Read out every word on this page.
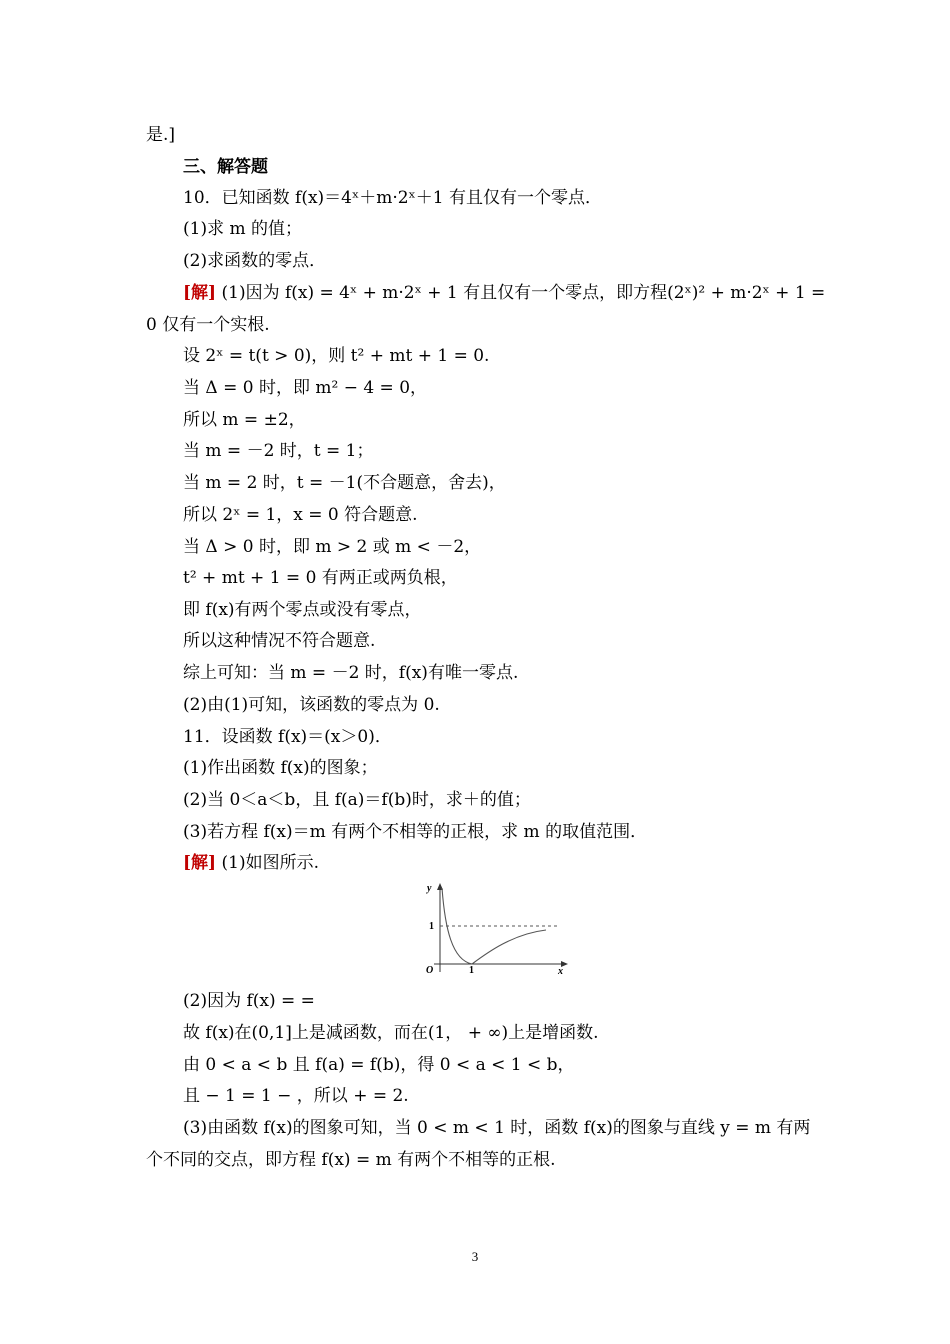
是.]
三、解答题
10．已知函数 f(x)＝4ˣ＋m·2ˣ＋1 有且仅有一个零点．
(1)求 m 的值；
(2)求函数的零点．
[解] (1)因为 f(x) = 4ˣ + m·2ˣ + 1 有且仅有一个零点，即方程(2ˣ)² + m·2ˣ + 1 =
0 仅有一个实根.
设 2ˣ = t(t > 0)，则 t² + mt + 1 = 0.
当 Δ = 0 时，即 m² − 4 = 0，
所以 m = ±2，
当 m = －2 时，t = 1；
当 m = 2 时，t = －1(不合题意，舍去)，
所以 2ˣ = 1，x = 0 符合题意.
当 Δ > 0 时，即 m > 2 或 m < －2，
t² + mt + 1 = 0 有两正或两负根，
即 f(x)有两个零点或没有零点，
所以这种情况不符合题意.
综上可知：当 m = －2 时，f(x)有唯一零点.
(2)由(1)可知，该函数的零点为 0.
11．设函数 f(x)＝(x＞0)．
(1)作出函数 f(x)的图象；
(2)当 0＜a＜b，且 f(a)＝f(b)时，求＋的值；
(3)若方程 f(x)＝m 有两个不相等的正根，求 m 的取值范围．
[解] (1)如图所示.
y
x
O	1
1
(2)因为 f(x) = =
故 f(x)在(0,1]上是减函数，而在(1， + ∞)上是增函数.
由 0 < a < b 且 f(a) = f(b)，得 0 < a < 1 < b，
且 − 1 = 1 − ，所以 + = 2.
(3)由函数 f(x)的图象可知，当 0 < m < 1 时，函数 f(x)的图象与直线 y = m 有两
个不同的交点，即方程 f(x) = m 有两个不相等的正根.
3
